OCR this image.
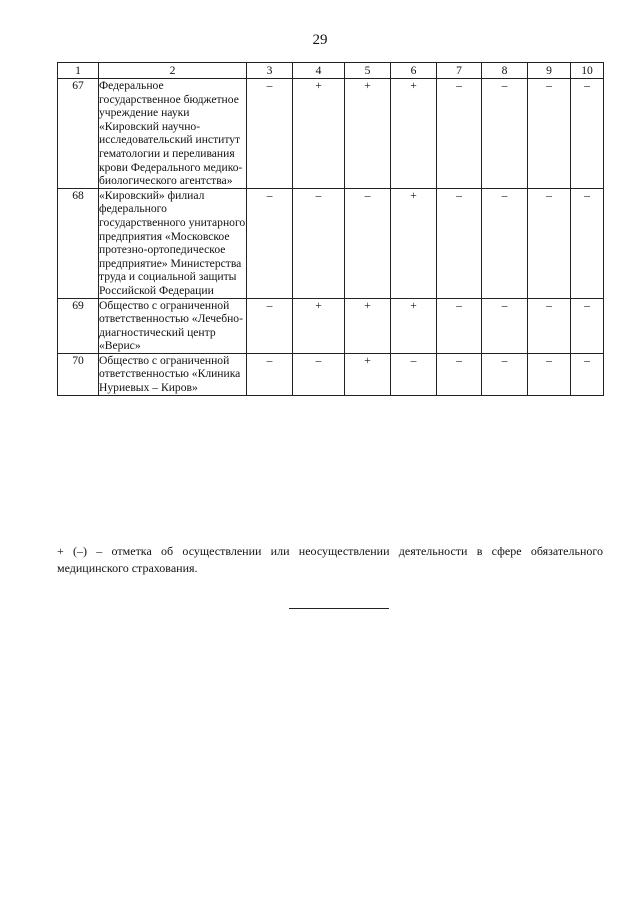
29
1	2	3	4	5	6	7	8	9	10
67	Федеральное государственное бюджетное учреждение науки «Кировский научно-исследовательский институт гематологии и переливания крови Федерального медико-биологического агентства»	–	+	+	+	–	–	–	–
68	«Кировский» филиал федерального государственного унитарного предприятия «Московское протезно-ортопедическое предприятие» Министерства труда и социальной защиты Российской Федерации	–	–	–	+	–	–	–	–
69	Общество с ограниченной ответственностью «Лечебно-диагностический центр «Верис»	–	+	+	+	–	–	–	–
70	Общество с ограниченной ответственностью «Клиника Нуриевых – Киров»	–	–	+	–	–	–	–	–
+ (–) – отметка об осуществлении или неосуществлении деятельности в сфере обязательного медицинского страхования.
